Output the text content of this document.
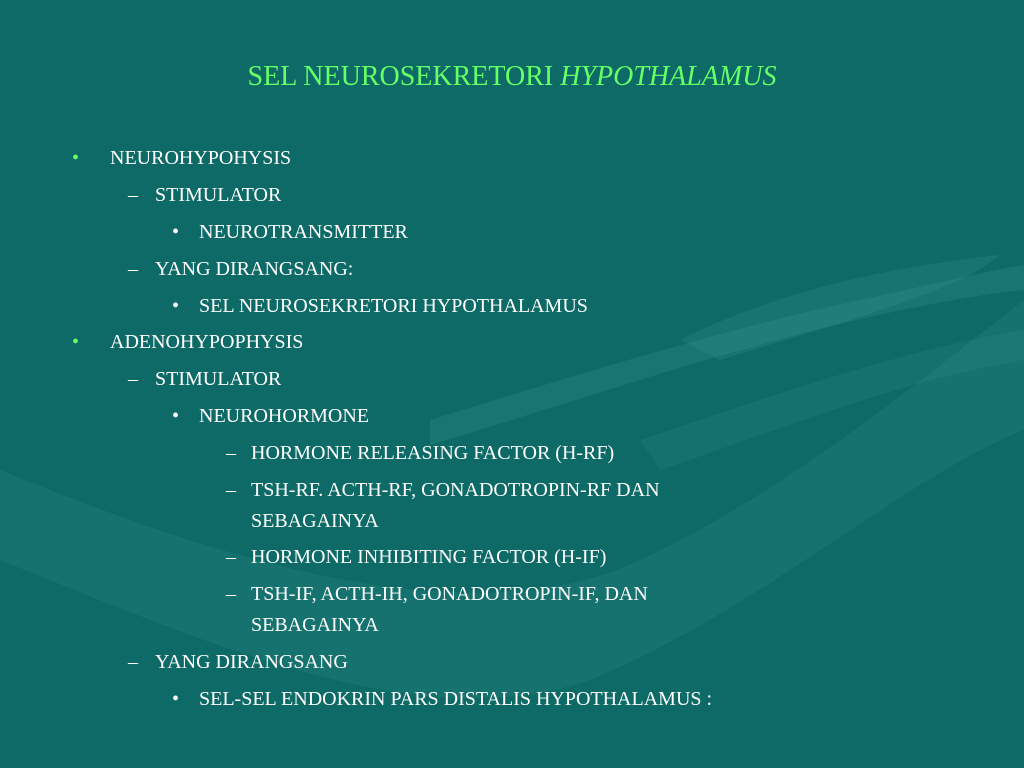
SEL NEUROSEKRETORI HYPOTHALAMUS
• NEUROHYPOHYSIS
– STIMULATOR
• NEUROTRANSMITTER
– YANG DIRANGSANG:
• SEL NEUROSEKRETORI HYPOTHALAMUS
• ADENOHYPOPHYSIS
– STIMULATOR
• NEUROHORMONE
– HORMONE RELEASING FACTOR (H-RF)
– TSH-RF. ACTH-RF, GONADOTROPIN-RF DAN
SEBAGAINYA
– HORMONE INHIBITING FACTOR (H-IF)
– TSH-IF, ACTH-IH, GONADOTROPIN-IF, DAN
SEBAGAINYA
– YANG DIRANGSANG
• SEL-SEL ENDOKRIN PARS DISTALIS HYPOTHALAMUS :
